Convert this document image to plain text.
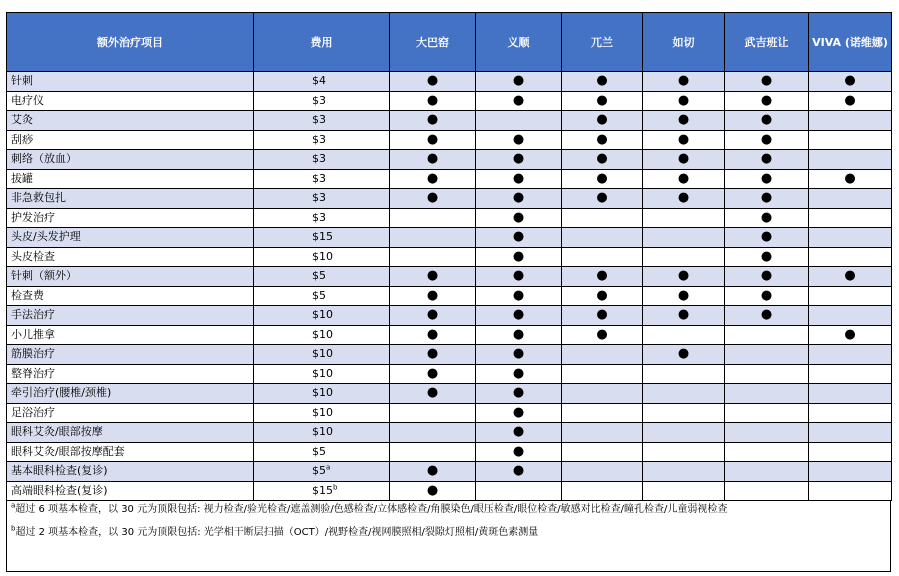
额外治疗项目	费用	大巴窑	义顺	兀兰	如切	武吉班让	VIVA (诺维娜)
针刺	$4	●	●	●	●	●	●
电疗仪	$3	●	●	●	●	●	●
艾灸	$3	●		●	●	●	
刮痧	$3	●	●	●	●	●	
刺络（放血）	$3	●	●	●	●	●	
拔罐	$3	●	●	●	●	●	●
非急救包扎	$3	●	●	●	●	●	
护发治疗	$3		●			●	
头皮/头发护理	$15		●			●	
头皮检查	$10		●			●	
针刺（额外）	$5	●	●	●	●	●	●
检查费	$5	●	●	●	●	●	
手法治疗	$10	●	●	●	●	●	
小儿推拿	$10	●	●	●			●
筋膜治疗	$10	●	●		●		
整脊治疗	$10	●	●				
牵引治疗(腰椎/颈椎)	$10	●	●				
足浴治疗	$10		●				
眼科艾灸/眼部按摩	$10		●				
眼科艾灸/眼部按摩配套	$5		●				
基本眼科检查(复诊)	$5$^a$	●	●				
高端眼科检查(复诊)	$15$^b$	●					
$^a$超过 6 项基本检查，以 30 元为顶限包括: 视力检查/验光检查/遮盖测验/色感检查/立体感检查/角膜染色/眼压检查/眼位检查/敏感对比检查/瞳孔检查/儿童弱视检查
$^b$超过 2 项基本检查，以 30 元为顶限包括: 光学相干断层扫描（OCT）/视野检查/视网膜照相/裂隙灯照相/黄斑色素测量
